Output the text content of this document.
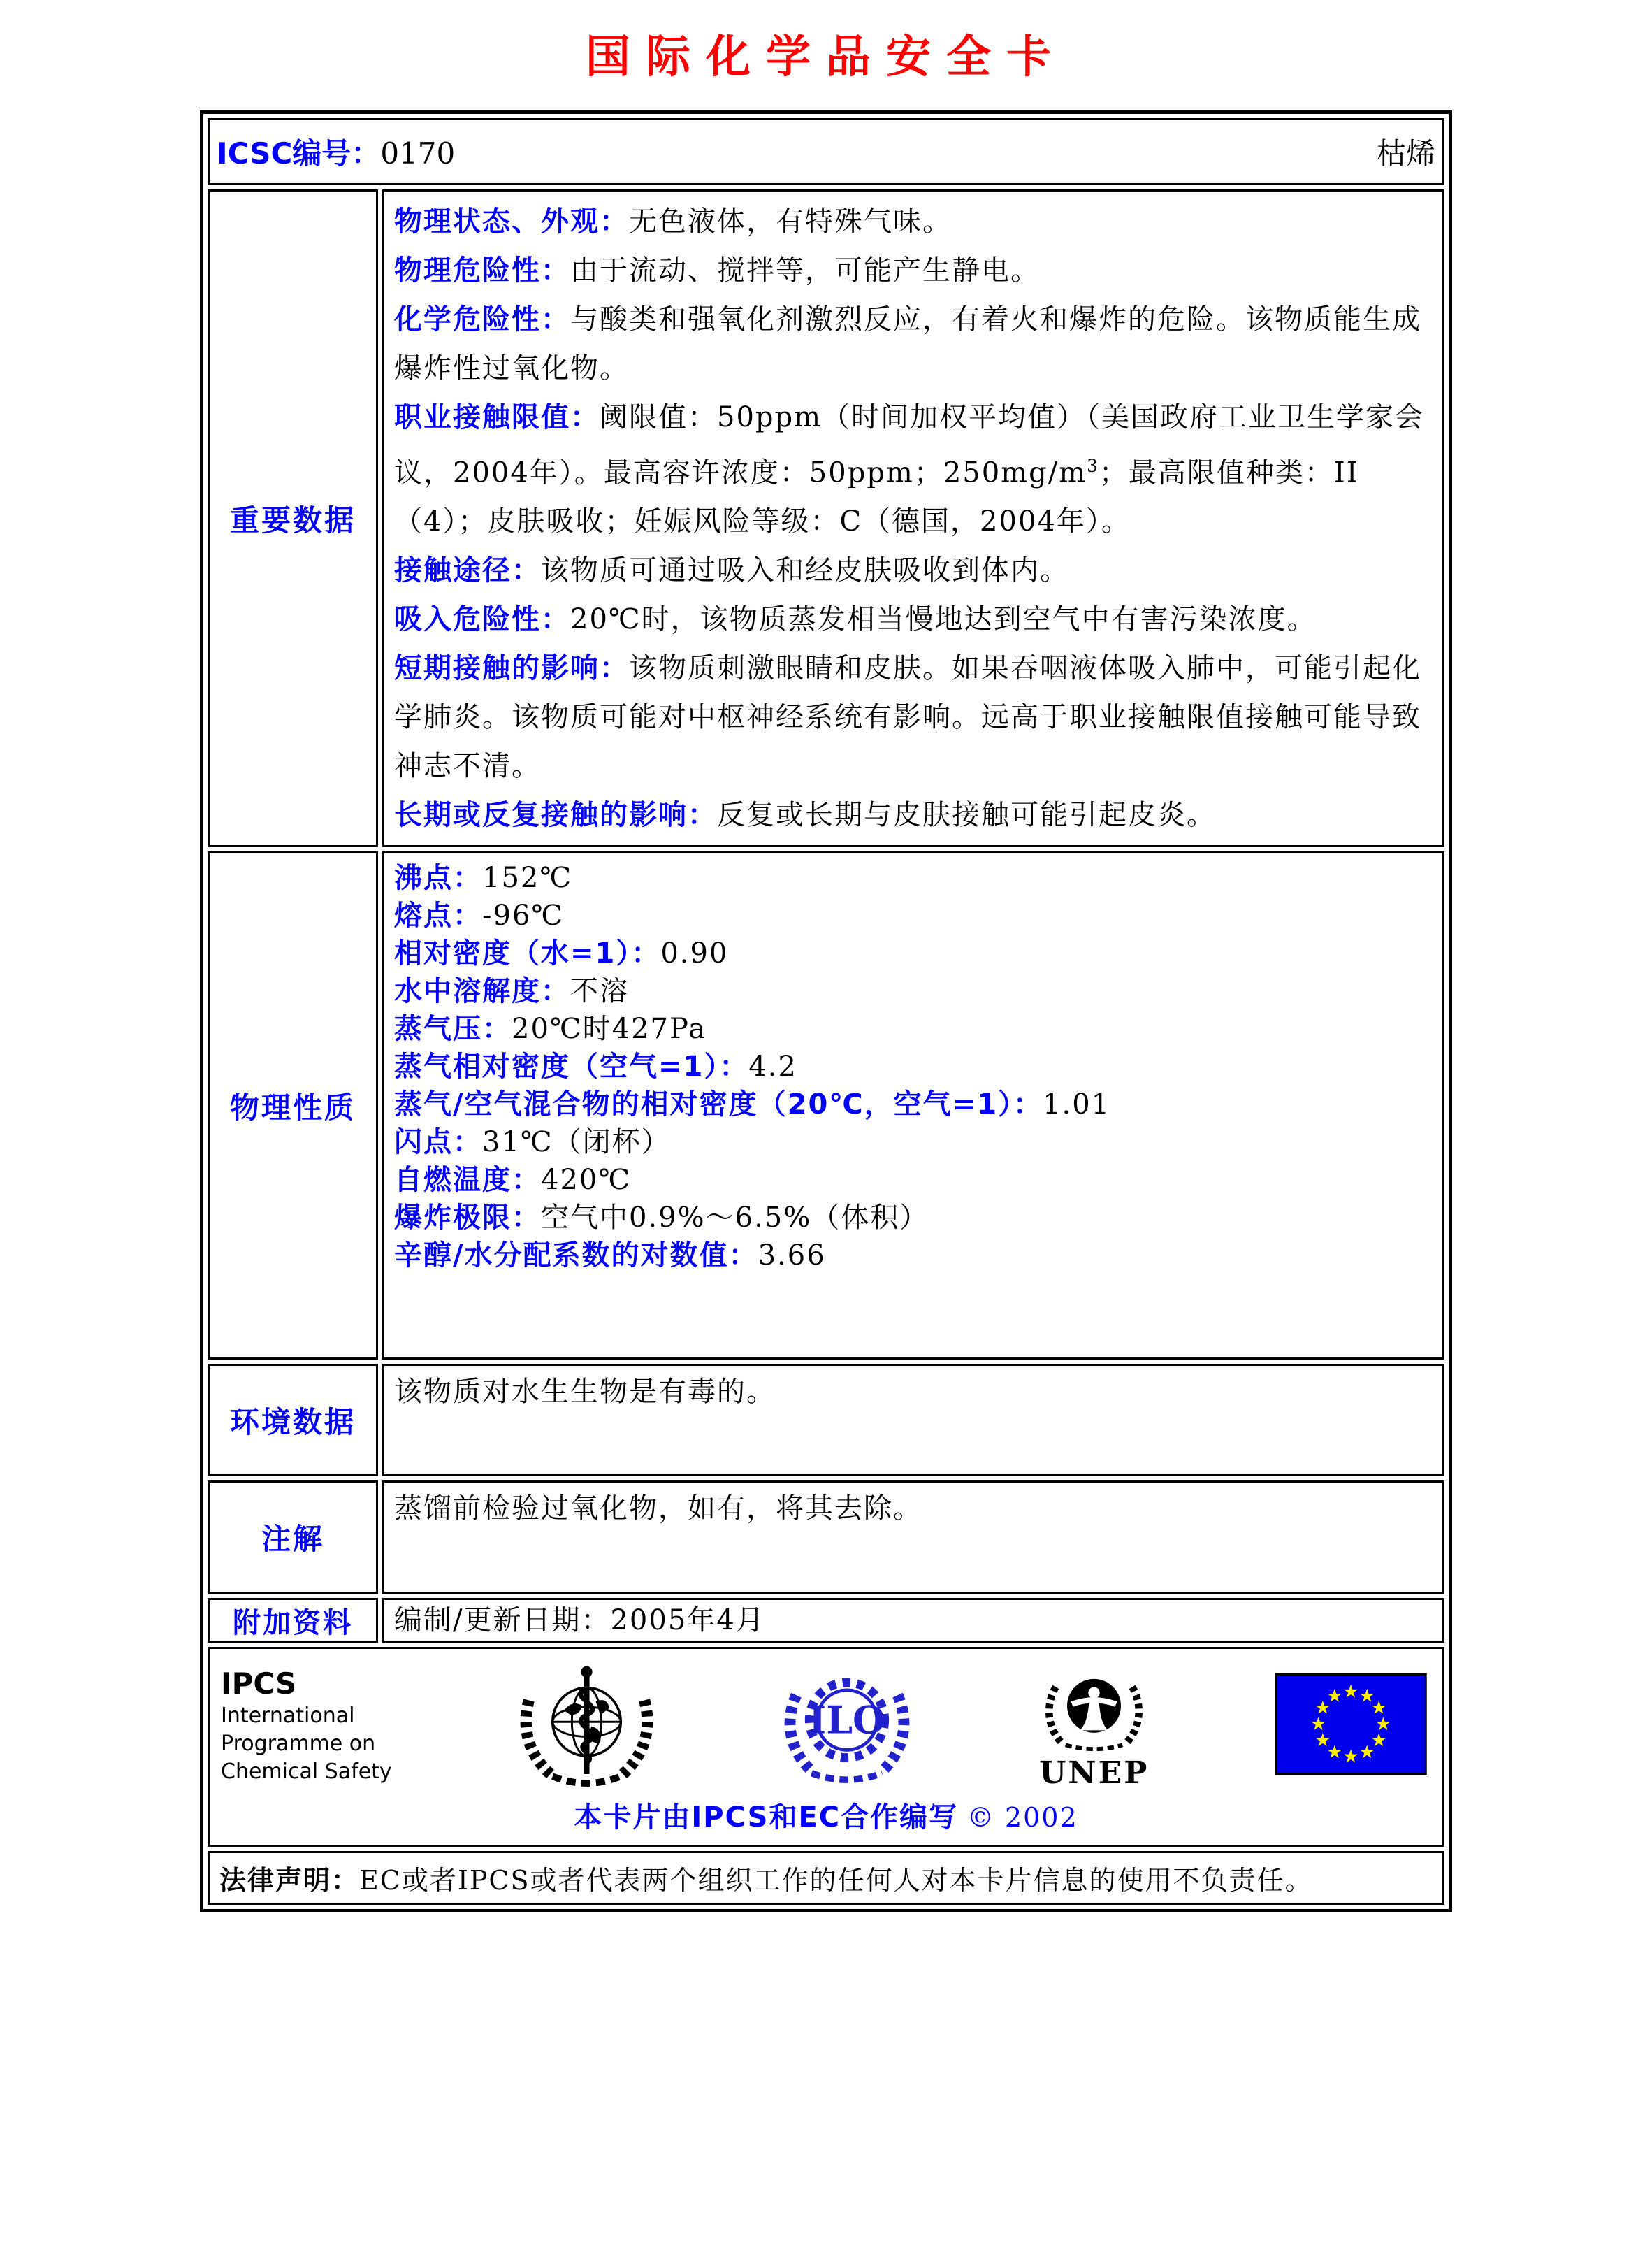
国际化学品安全卡
ICSC编号：0170	枯烯
重要数据

物理状态、外观：无色液体，有特殊气味。

物理危险性：由于流动、搅拌等，可能产生静电。

化学危险性：与酸类和强氧化剂激烈反应，有着火和爆炸的危险。该物质能生成爆炸性过氧化物。

职业接触限值：阈限值：50ppm（时间加权平均值）（美国政府工业卫生学家会议，2004年）。最高容许浓度：50ppm；$250mg/m^3$；最高限值种类：II（4）；皮肤吸收；妊娠风险等级：C（德国，2004年）。

接触途径：该物质可通过吸入和经皮肤吸收到体内。

吸入危险性：20℃时，该物质蒸发相当慢地达到空气中有害污染浓度。

短期接触的影响：该物质刺激眼睛和皮肤。如果吞咽液体吸入肺中，可能引起化学肺炎。该物质可能对中枢神经系统有影响。远高于职业接触限值接触可能导致神志不清。

长期或反复接触的影响：反复或长期与皮肤接触可能引起皮炎。

物理性质

沸点：152℃

熔点：-96℃

相对密度（水=1）：0.90

水中溶解度：不溶

蒸气压：20℃时427Pa

蒸气相对密度（空气=1）：4.2

蒸气/空气混合物的相对密度（20℃，空气=1）：1.01

闪点：31℃（闭杯）

自燃温度：420℃

爆炸极限：空气中0.9%～6.5%（体积）

辛醇/水分配系数的对数值：3.66

环境数据

该物质对水生生物是有毒的。

注解

蒸馏前检验过氧化物，如有，将其去除。

附加资料	编制/更新日期：2005年4月

IPCS
International
Programme on
Chemical Safety
ILO
UNEP
本卡片由IPCS和EC合作编写 © 2002
法律声明： EC或者IPCS或者代表两个组织工作的任何人对本卡片信息的使用不负责任。
